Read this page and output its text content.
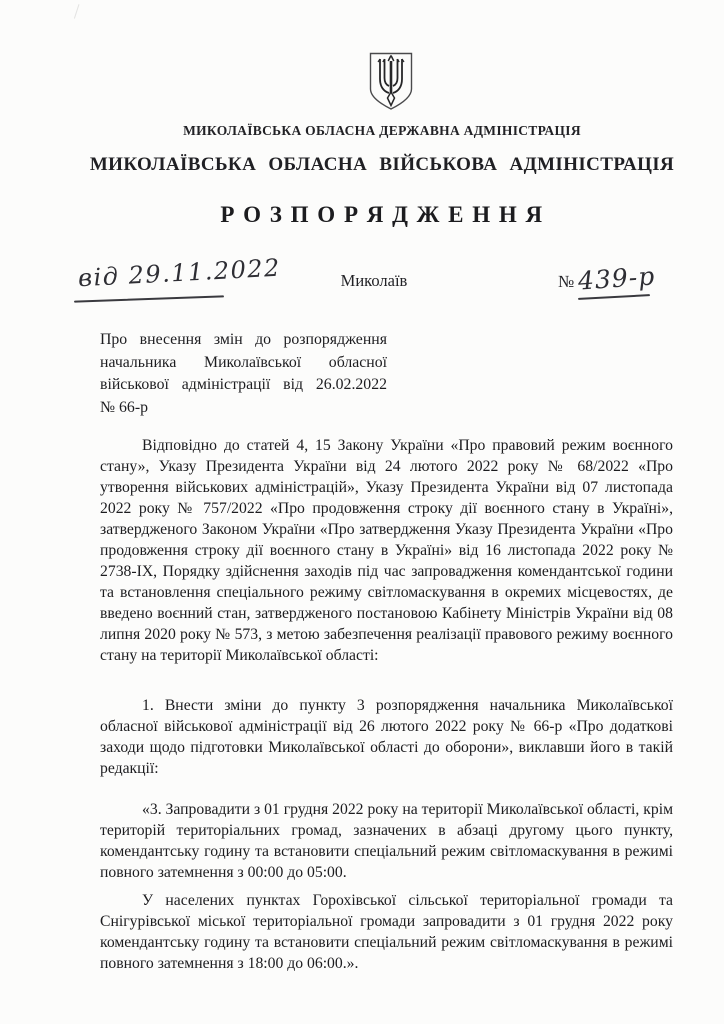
МИКОЛАЇВСЬКА ОБЛАСНА ДЕРЖАВНА АДМІНІСТРАЦІЯ
МИКОЛАЇВСЬКА ОБЛАСНА ВІЙСЬКОВА АДМІНІСТРАЦІЯ
Р О З П О Р Я Д Ж Е Н Н Я
від 29.11.2022	Миколаїв	№ 439-р
Про внесення змін до розпорядження
начальника Миколаївської обласної
військової адміністрації від 26.02.2022
№ 66-р

Відповідно до статей 4, 15 Закону України «Про правовий режим воєнного стану», Указу Президента України від 24 лютого 2022 року № 68/2022 «Про утворення військових адміністрацій», Указу Президента України від 07 листопада 2022 року № 757/2022 «Про продовження строку дії воєнного стану в Україні», затвердженого Законом України «Про затвердження Указу Президента України «Про продовження строку дії воєнного стану в Україні» від 16 листопада 2022 року № 2738-IX, Порядку здійснення заходів під час запровадження комендантської години та встановлення спеціального режиму світломаскування в окремих місцевостях, де введено воєнний стан, затвердженого постановою Кабінету Міністрів України від 08 липня 2020 року № 573, з метою забезпечення реалізації правового режиму воєнного стану на території Миколаївської області:

1. Внести зміни до пункту 3 розпорядження начальника Миколаївської обласної військової адміністрації від 26 лютого 2022 року № 66-р «Про додаткові заходи щодо підготовки Миколаївської області до оборони», виклавши його в такій редакції:

«3. Запровадити з 01 грудня 2022 року на території Миколаївської області, крім територій територіальних громад, зазначених в абзаці другому цього пункту, комендантську годину та встановити спеціальний режим світломаскування в режимі повного затемнення з 00:00 до 05:00.

У населених пунктах Горохівської сільської територіальної громади та Снігурівської міської територіальної громади запровадити з 01 грудня 2022 року комендантську годину та встановити спеціальний режим світломаскування в режимі повного затемнення з 18:00 до 06:00.».
